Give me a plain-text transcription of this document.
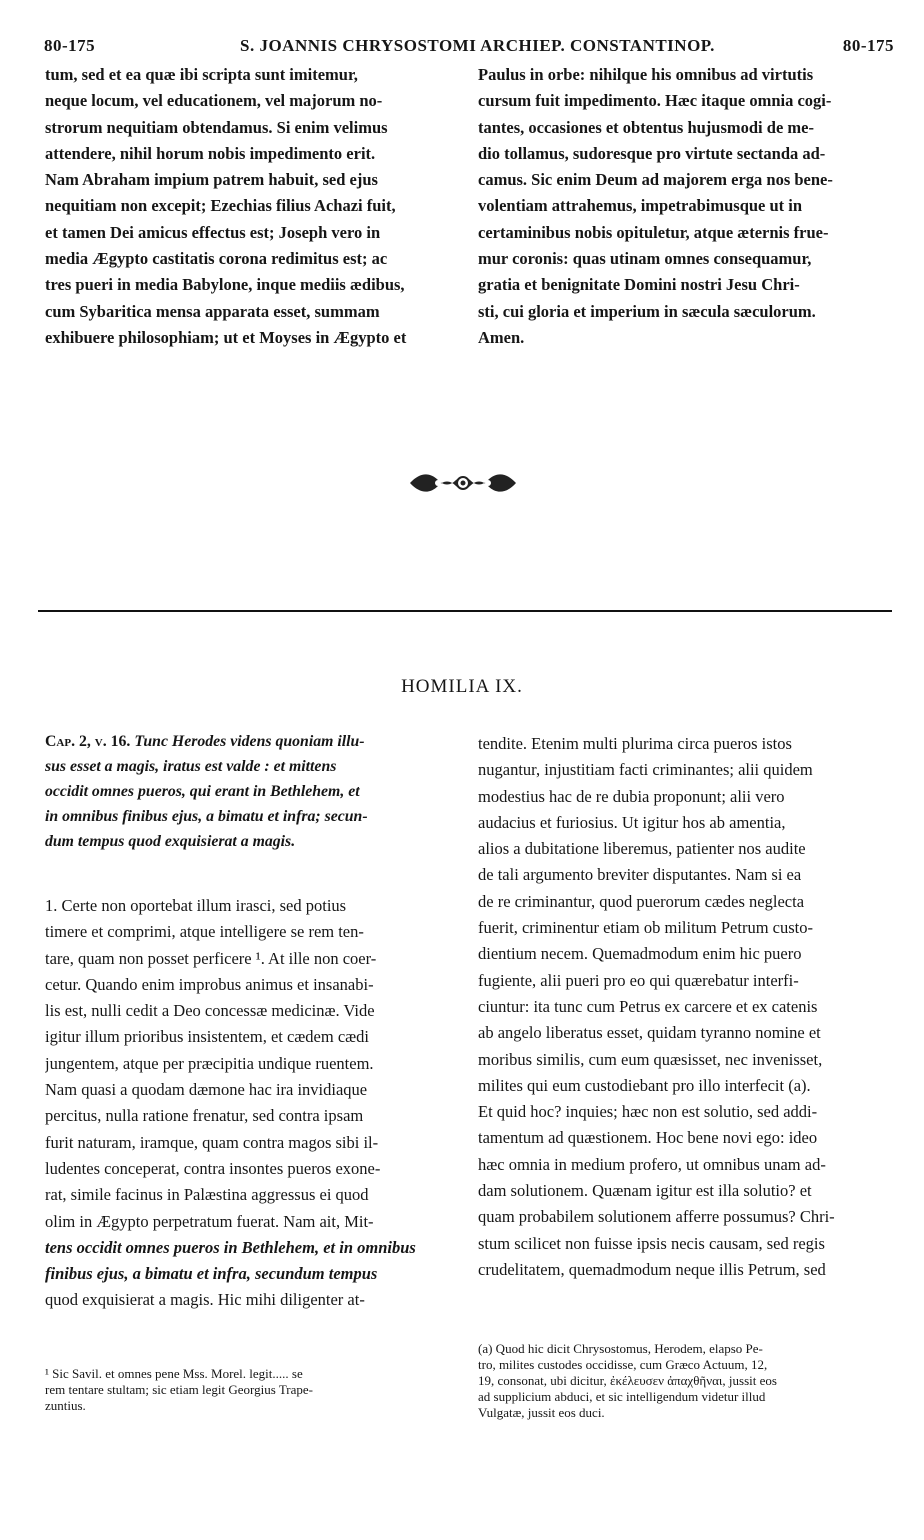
80-175	S. JOANNIS CHRYSOSTOMI ARCHIEP. CONSTANTINOP.	80-175
tum, sed et ea quæ ibi scripta sunt imitemur,
neque locum, vel educationem, vel majorum no-
strorum nequitiam obtendamus. Si enim velimus
attendere, nihil horum nobis impedimento erit.
Nam Abraham impium patrem habuit, sed ejus
nequitiam non excepit; Ezechias filius Achazi fuit,
et tamen Dei amicus effectus est; Joseph vero in
media Ægypto castitatis corona redimitus est; ac
tres pueri in media Babylone, inque mediis ædibus,
cum Sybaritica mensa apparata esset, summam
exhibuere philosophiam; ut et Moyses in Ægypto et
Paulus in orbe: nihilque his omnibus ad virtutis
cursum fuit impedimento. Hæc itaque omnia cogi-
tantes, occasiones et obtentus hujusmodi de me-
dio tollamus, sudoresque pro virtute sectanda ad-
camus. Sic enim Deum ad majorem erga nos bene-
volentiam attrahemus, impetrabimusque ut in
certaminibus nobis opituletur, atque æternis frue-
mur coronis: quas utinam omnes consequamur,
gratia et benignitate Domini nostri Jesu Chri-
sti, cui gloria et imperium in sæcula sæculorum.
Amen.
HOMILIA IX.
Cap. 2, v. 16. Tunc Herodes videns quoniam illu-
sus esset a magis, iratus est valde : et mittens
occidit omnes pueros, qui erant in Bethlehem, et
in omnibus finibus ejus, a bimatu et infra; secun-
dum tempus quod exquisierat a magis.
1. Certe non oportebat illum irasci, sed potius
timere et comprimi, atque intelligere se rem ten-
tare, quam non posset perficere ¹. At ille non coer-
cetur. Quando enim improbus animus et insanabi-
lis est, nulli cedit a Deo concessæ medicinæ. Vide
igitur illum prioribus insistentem, et cædem cædi
jungentem, atque per præcipitia undique ruentem.
Nam quasi a quodam dæmone hac ira invidiaque
percitus, nulla ratione frenatur, sed contra ipsam
furit naturam, iramque, quam contra magos sibi il-
ludentes conceperat, contra insontes pueros exone-
rat, simile facinus in Palæstina aggressus ei quod
olim in Ægypto perpetratum fuerat. Nam ait, Mit-
tens occidit omnes pueros in Bethlehem, et in omnibus
finibus ejus, a bimatu et infra, secundum tempus
quod exquisierat a magis. Hic mihi diligenter at-
tendite. Etenim multi plurima circa pueros istos
nugantur, injustitiam facti criminantes; alii quidem
modestius hac de re dubia proponunt; alii vero
audacius et furiosius. Ut igitur hos ab amentia,
alios a dubitatione liberemus, patienter nos audite
de tali argumento breviter disputantes. Nam si ea
de re criminantur, quod puerorum cædes neglecta
fuerit, criminentur etiam ob militum Petrum custo-
dientium necem. Quemadmodum enim hic puero
fugiente, alii pueri pro eo qui quærebatur interfi-
ciuntur: ita tunc cum Petrus ex carcere et ex catenis
ab angelo liberatus esset, quidam tyranno nomine et
moribus similis, cum eum quæsisset, nec invenisset,
milites qui eum custodiebant pro illo interfecit (a).
Et quid hoc? inquies; hæc non est solutio, sed addi-
tamentum ad quæstionem. Hoc bene novi ego: ideo
hæc omnia in medium profero, ut omnibus unam ad-
dam solutionem. Quænam igitur est illa solutio? et
quam probabilem solutionem afferre possumus? Chri-
stum scilicet non fuisse ipsis necis causam, sed regis
crudelitatem, quemadmodum neque illis Petrum, sed
¹ Sic Savil. et omnes pene Mss. Morel. legit..... se
rem tentare stultam; sic etiam legit Georgius Trape-
zuntius.
(a) Quod hic dicit Chrysostomus, Herodem, elapso Pe-
tro, milites custodes occidisse, cum Græco Actuum, 12,
19, consonat, ubi dicitur, ἐκέλευσεν ἀπαχθῆναι, jussit eos
ad supplicium abduci, et sic intelligendum videtur illud
Vulgatæ, jussit eos duci.
